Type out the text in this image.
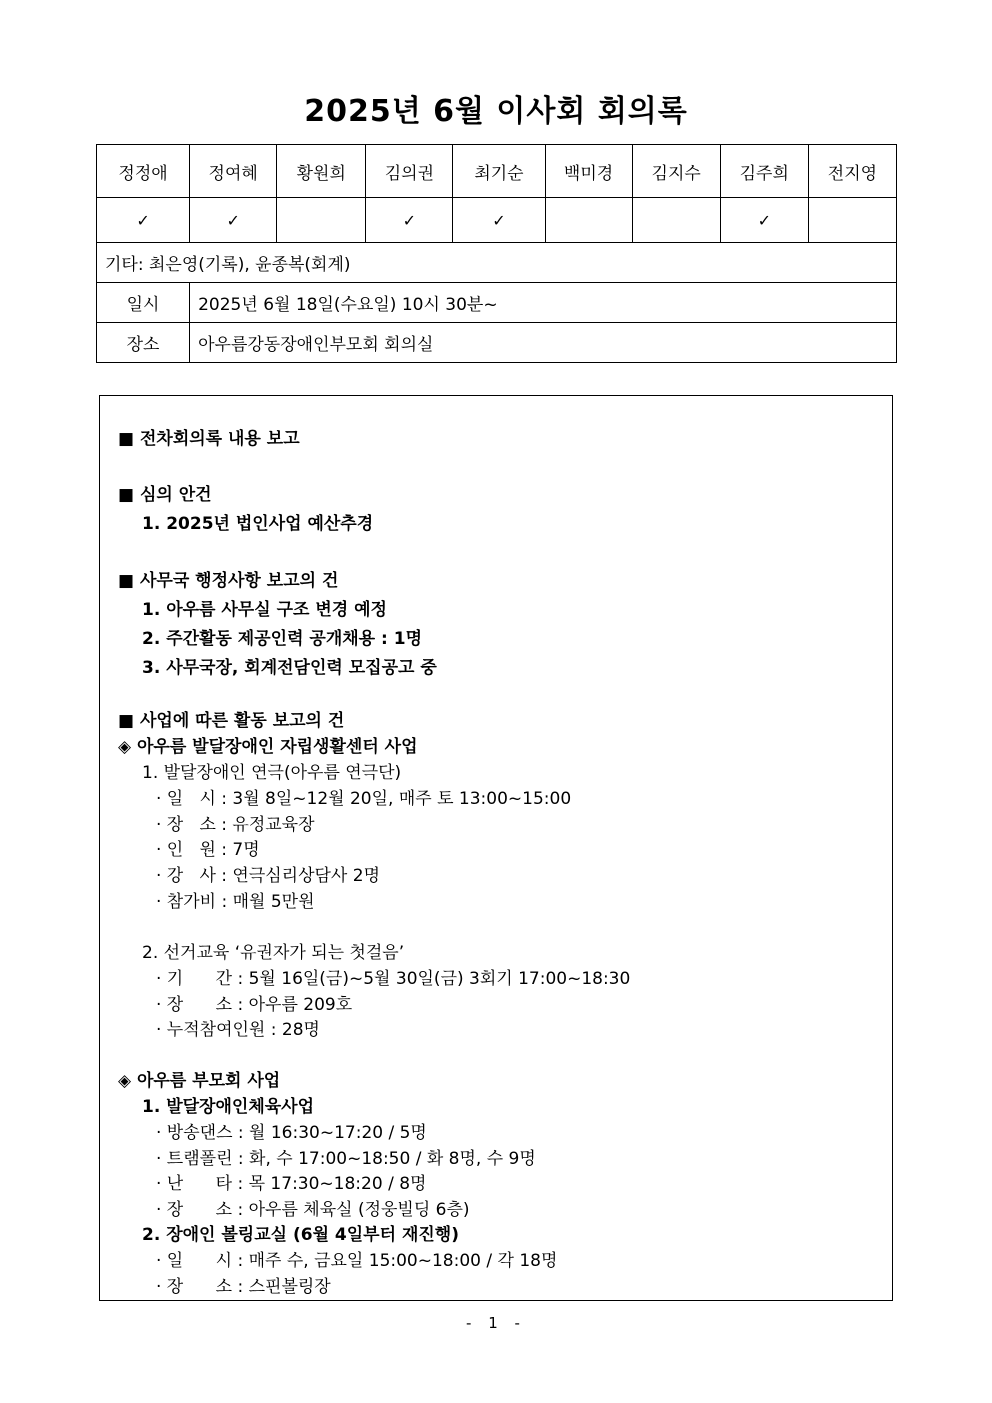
2025년 6월 이사회 회의록
정정애	정여혜	황원희	김의권	최기순	백미경	김지수	김주희	전지영
✓	✓		✓	✓			✓	
기타: 최은영(기록), 윤종복(회계)								
일시	2025년 6월 18일(수요일) 10시 30분~							
장소	아우름강동장애인부모회 회의실							
■ 전차회의록 내용 보고
■ 심의 안건
1. 2025년 법인사업 예산추경
■ 사무국 행정사항 보고의 건
1. 아우름 사무실 구조 변경 예정
2. 주간활동 제공인력 공개채용 : 1명
3. 사무국장, 회계전담인력 모집공고 중
■ 사업에 따른 활동 보고의 건
◈ 아우름 발달장애인 자립생활센터 사업
1. 발달장애인 연극(아우름 연극단)
· 일   시 : 3월 8일~12월 20일, 매주 토 13:00~15:00
· 장   소 : 유정교육장
· 인   원 : 7명
· 강   사 : 연극심리상담사 2명
· 참가비 : 매월 5만원
2. 선거교육 ‘유권자가 되는 첫걸음’
· 기      간 : 5월 16일(금)~5월 30일(금) 3회기 17:00~18:30
· 장      소 : 아우름 209호
· 누적참여인원 : 28명
◈ 아우름 부모회 사업
1. 발달장애인체육사업
· 방송댄스 : 월 16:30~17:20 / 5명
· 트램폴린 : 화, 수 17:00~18:50 / 화 8명, 수 9명
· 난      타 : 목 17:30~18:20 / 8명
· 장      소 : 아우름 체육실 (정웅빌딩 6층)
2. 장애인 볼링교실 (6월 4일부터 재진행)
· 일      시 : 매주 수, 금요일 15:00~18:00 / 각 18명
· 장      소 : 스핀볼링장
- 1 -
